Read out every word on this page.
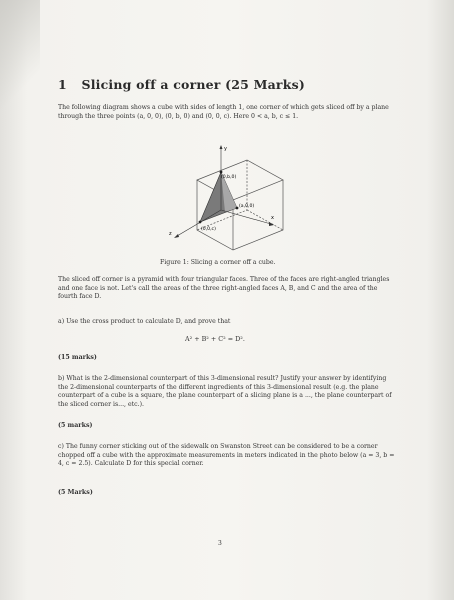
1 Slicing off a corner (25 Marks)
The following diagram shows a cube with sides of length 1, one corner of which gets sliced off by a plane through the three points (a, 0, 0), (0, b, 0) and (0, 0, c). Here 0 < a, b, c ≤ 1.
y
x
z
(0,b,0)
(a,0,0)
(0,0,c)
Figure 1: Slicing a corner off a cube.
The sliced off corner is a pyramid with four triangular faces. Three of the faces are right-angled triangles and one face is not. Let's call the areas of the three right-angled faces A, B, and C and the area of the fourth face D.
a) Use the cross product to calculate D, and prove that
A² + B² + C² = D².
(15 marks)
b) What is the 2-dimensional counterpart of this 3-dimensional result? Justify your answer by identifying the 2-dimensional counterparts of the different ingredients of this 3-dimensional result (e.g. the plane counterpart of a cube is a square, the plane counterpart of a slicing plane is a ..., the plane counterpart of the sliced corner is..., etc.).
(5 marks)
c) The funny corner sticking out of the sidewalk on Swanston Street can be considered to be a corner chopped off a cube with the approximate measurements in meters indicated in the photo below (a = 3, b = 4, c = 2.5). Calculate D for this special corner.
(5 Marks)
3
